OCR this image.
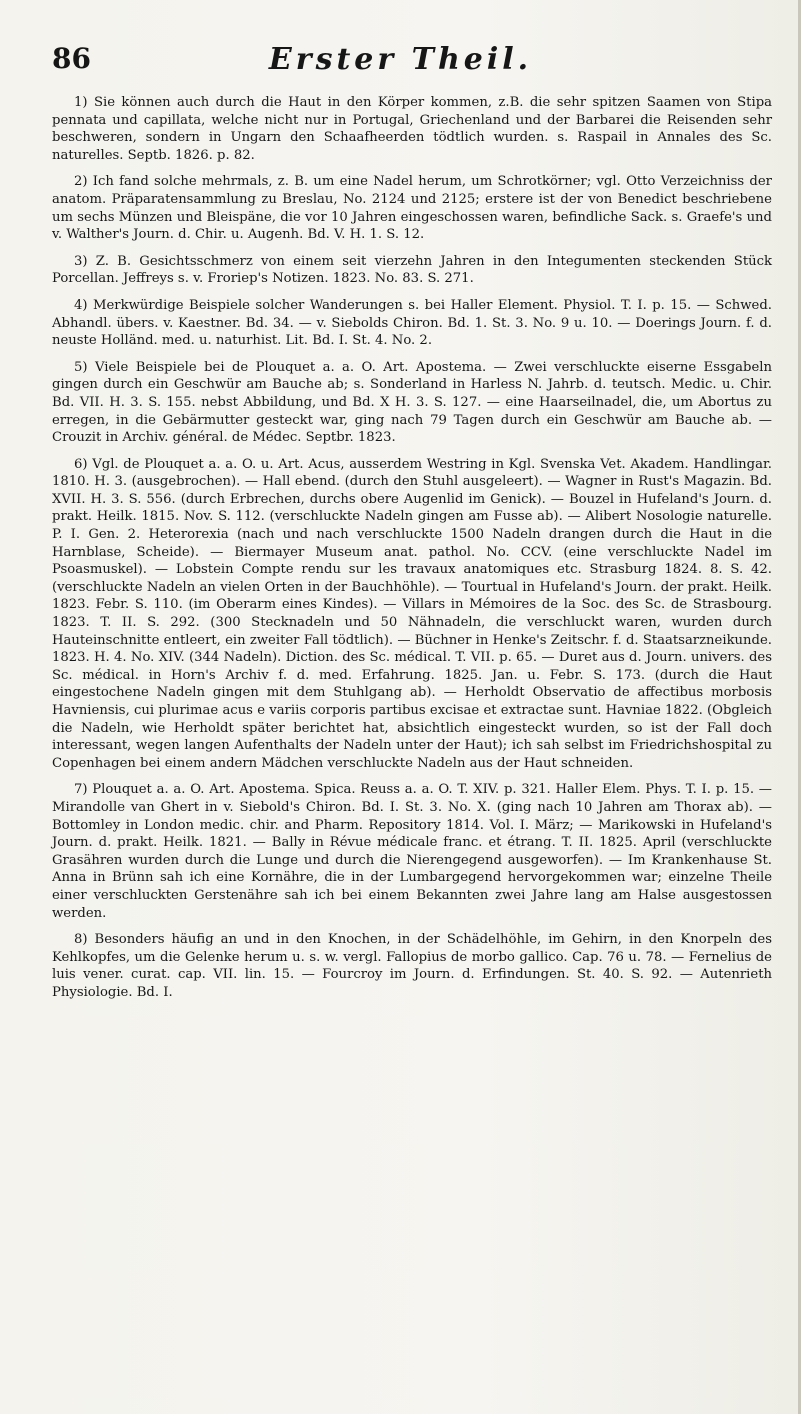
86	Erster Theil.

1) Sie können auch durch die Haut in den Körper kommen, z.B. die sehr spitzen Saamen von Stipa pennata und capillata, welche nicht nur in Portugal, Griechenland und der Barbarei die Reisenden sehr beschweren, sondern in Ungarn den Schaafheerden tödtlich wurden. s. Raspail in Annales des Sc. naturelles. Septb. 1826. p. 82.

2) Ich fand solche mehrmals, z. B. um eine Nadel herum, um Schrotkörner; vgl. Otto Verzeichniss der anatom. Präparatensammlung zu Breslau, No. 2124 und 2125; erstere ist der von Benedict beschriebene um sechs Münzen und Bleispäne, die vor 10 Jahren eingeschossen waren, befindliche Sack. s. Graefe's und v. Walther's Journ. d. Chir. u. Augenh. Bd. V. H. 1. S. 12.

3) Z. B. Gesichtsschmerz von einem seit vierzehn Jahren in den Integumenten steckenden Stück Porcellan. Jeffreys s. v. Froriep's Notizen. 1823. No. 83. S. 271.

4) Merkwürdige Beispiele solcher Wanderungen s. bei Haller Element. Physiol. T. I. p. 15. — Schwed. Abhandl. übers. v. Kaestner. Bd. 34. — v. Siebolds Chiron. Bd. 1. St. 3. No. 9 u. 10. — Doerings Journ. f. d. neuste Holländ. med. u. naturhist. Lit. Bd. I. St. 4. No. 2.

5) Viele Beispiele bei de Plouquet a. a. O. Art. Apostema. — Zwei verschluckte eiserne Essgabeln gingen durch ein Geschwür am Bauche ab; s. Sonderland in Harless N. Jahrb. d. teutsch. Medic. u. Chir. Bd. VII. H. 3. S. 155. nebst Abbildung, und Bd. X H. 3. S. 127. — eine Haarseilnadel, die, um Abortus zu erregen, in die Gebärmutter gesteckt war, ging nach 79 Tagen durch ein Geschwür am Bauche ab. — Crouzit in Archiv. général. de Médec. Septbr. 1823.

6) Vgl. de Plouquet a. a. O. u. Art. Acus, ausserdem Westring in Kgl. Svenska Vet. Akadem. Handlingar. 1810. H. 3. (ausgebrochen). — Hall ebend. (durch den Stuhl ausgeleert). — Wagner in Rust's Magazin. Bd. XVII. H. 3. S. 556. (durch Erbrechen, durchs obere Augenlid im Genick). — Bouzel in Hufeland's Journ. d. prakt. Heilk. 1815. Nov. S. 112. (verschluckte Nadeln gingen am Fusse ab). — Alibert Nosologie naturelle. P. I. Gen. 2. Heterorexia (nach und nach verschluckte 1500 Nadeln drangen durch die Haut in die Harnblase, Scheide). — Biermayer Museum anat. pathol. No. CCV. (eine verschluckte Nadel im Psoasmuskel). — Lobstein Compte rendu sur les travaux anatomiques etc. Strasburg 1824. 8. S. 42. (verschluckte Nadeln an vielen Orten in der Bauchhöhle). — Tourtual in Hufeland's Journ. der prakt. Heilk. 1823. Febr. S. 110. (im Oberarm eines Kindes). — Villars in Mémoires de la Soc. des Sc. de Strasbourg. 1823. T. II. S. 292. (300 Stecknadeln und 50 Nähnadeln, die verschluckt waren, wurden durch Hauteinschnitte entleert, ein zweiter Fall tödtlich). — Büchner in Henke's Zeitschr. f. d. Staatsarzneikunde. 1823. H. 4. No. XIV. (344 Nadeln). Diction. des Sc. médical. T. VII. p. 65. — Duret aus d. Journ. univers. des Sc. médical. in Horn's Archiv f. d. med. Erfahrung. 1825. Jan. u. Febr. S. 173. (durch die Haut eingestochene Nadeln gingen mit dem Stuhlgang ab). — Herholdt Observatio de affectibus morbosis Havniensis, cui plurimae acus e variis corporis partibus excisae et extractae sunt. Havniae 1822. (Obgleich die Nadeln, wie Herholdt später berichtet hat, absichtlich eingesteckt wurden, so ist der Fall doch interessant, wegen langen Aufenthalts der Nadeln unter der Haut); ich sah selbst im Friedrichshospital zu Copenhagen bei einem andern Mädchen verschluckte Nadeln aus der Haut schneiden.

7) Plouquet a. a. O. Art. Apostema. Spica. Reuss a. a. O. T. XIV. p. 321. Haller Elem. Phys. T. I. p. 15. — Mirandolle van Ghert in v. Siebold's Chiron. Bd. I. St. 3. No. X. (ging nach 10 Jahren am Thorax ab). — Bottomley in London medic. chir. and Pharm. Repository 1814. Vol. I. März; — Marikowski in Hufeland's Journ. d. prakt. Heilk. 1821. — Bally in Révue médicale franc. et étrang. T. II. 1825. April (verschluckte Grasähren wurden durch die Lunge und durch die Nierengegend ausgeworfen). — Im Krankenhause St. Anna in Brünn sah ich eine Kornähre, die in der Lumbargegend hervorgekommen war; einzelne Theile einer verschluckten Gerstenähre sah ich bei einem Bekannten zwei Jahre lang am Halse ausgestossen werden.

8) Besonders häufig an und in den Knochen, in der Schädelhöhle, im Gehirn, in den Knorpeln des Kehlkopfes, um die Gelenke herum u. s. w. vergl. Fallopius de morbo gallico. Cap. 76 u. 78. — Fernelius de luis vener. curat. cap. VII. lin. 15. — Fourcroy im Journ. d. Erfindungen. St. 40. S. 92. — Autenrieth Physiologie. Bd. I.
